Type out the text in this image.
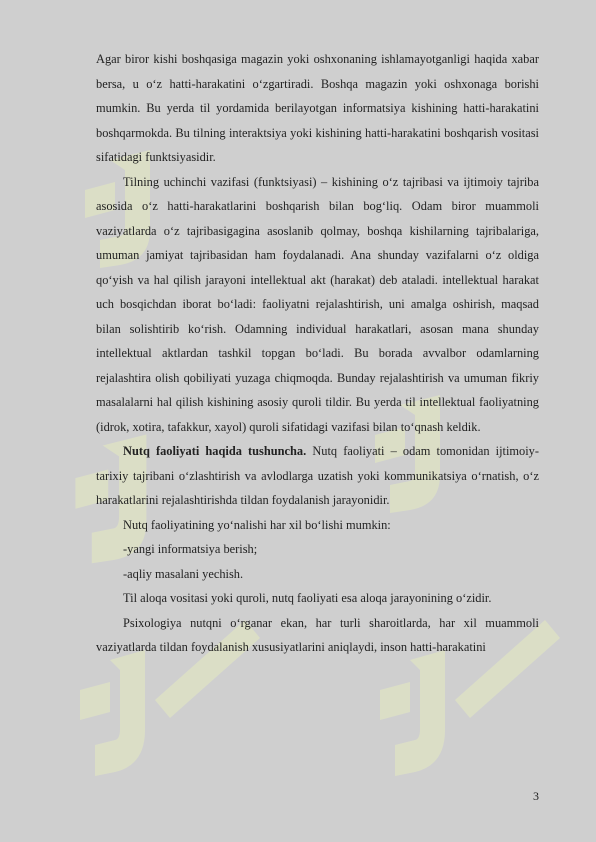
Agar biror kishi boshqasiga magazin yoki oshxonaning ishlamayotganligi haqida xabar bersa, u o‘z hatti-harakatini o‘zgartiradi. Boshqa magazin yoki oshxonaga borishi mumkin. Bu yerda til yordamida berilayotgan informatsiya kishining hatti-harakatini boshqarmokda. Bu tilning interaktsiya yoki kishining hatti-harakatini boshqarish vositasi sifatidagi funktsiyasidir.

Tilning uchinchi vazifasi (funktsiyasi) – kishining o‘z tajribasi va ijtimoiy tajriba asosida o‘z hatti-harakatlarini boshqarish bilan bog‘liq. Odam biror muammoli vaziyatlarda o‘z tajribasigagina asoslanib qolmay, boshqa kishilarning tajribalariga, umuman jamiyat tajribasidan ham foydalanadi. Ana shunday vazifalarni o‘z oldiga qo‘yish va hal qilish jarayoni intellektual akt (harakat) deb ataladi. intellektual harakat uch bosqichdan iborat bo‘ladi: faoliyatni rejalashtirish, uni amalga oshirish, maqsad bilan solishtirib ko‘rish. Odamning individual harakatlari, asosan mana shunday intellektual aktlardan tashkil topgan bo‘ladi. Bu borada avvalbor odamlarning rejalashtira olish qobiliyati yuzaga chiqmoqda. Bunday rejalashtirish va umuman fikriy masalalarni hal qilish kishining asosiy quroli tildir. Bu yerda til intellektual faoliyatning (idrok, xotira, tafakkur, xayol) quroli sifatidagi vazifasi bilan to‘qnash keldik.

Nutq faoliyati haqida tushuncha. Nutq faoliyati – odam tomonidan ijtimoiy-tarixiy tajribani o‘zlashtirish va avlodlarga uzatish yoki kommunikatsiya o‘rnatish, o‘z harakatlarini rejalashtirishda tildan foydalanish jarayonidir.

Nutq faoliyatining yo‘nalishi har xil bo‘lishi mumkin:

-yangi informatsiya berish;

-aqliy masalani yechish.

Til aloqa vositasi yoki quroli, nutq faoliyati esa aloqa jarayonining o‘zidir.

Psixologiya nutqni o‘rganar ekan, har turli sharoitlarda, har xil muammoli vaziyatlarda tildan foydalanish xususiyatlarini aniqlaydi, inson hatti-harakatini

3
